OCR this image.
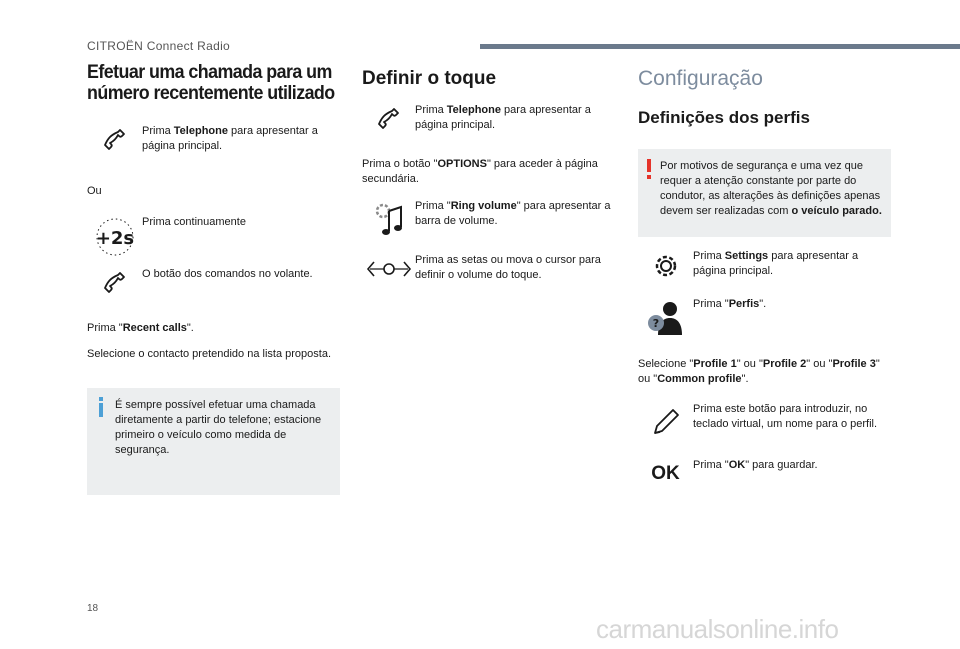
CITROËN Connect Radio
Efetuar uma chamada para um
número recentemente utilizado

Prima Telephone para apresentar a página principal.

Ou

+2s

Prima continuamente

O botão dos comandos no volante.

Prima "Recent calls".

Selecione o contacto pretendido na lista proposta.

É sempre possível efetuar uma chamada diretamente a partir do telefone; estacione primeiro o veículo como medida de segurança.

Definir o toque

Prima Telephone para apresentar a página principal.

Prima o botão "OPTIONS" para aceder à página secundária.

Prima "Ring volume" para apresentar a barra de volume.

Prima as setas ou mova o cursor para definir o volume do toque.

Configuração
Definições dos perfis

Por motivos de segurança e uma vez que requer a atenção constante por parte do condutor, as alterações às definições apenas devem ser realizadas com o veículo parado.

Prima Settings para apresentar a página principal.

?

Prima "Perfis".

Selecione "Profile 1" ou "Profile 2" ou "Profile 3" ou "Common profile".

Prima este botão para introduzir, no teclado virtual, um nome para o perfil.

OK Prima "OK" para guardar.

18
carmanualsonline.info
